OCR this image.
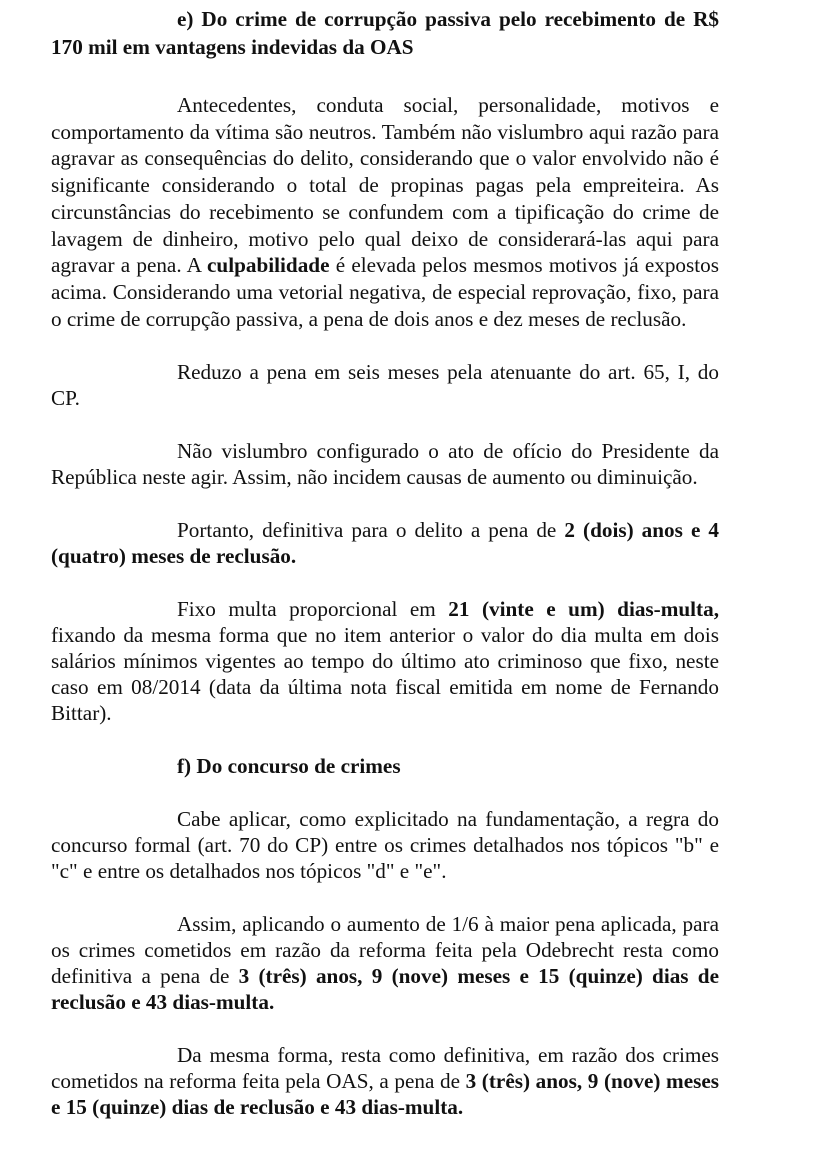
e) Do crime de corrupção passiva pelo recebimento de R$ 170 mil em vantagens indevidas da OAS

Antecedentes, conduta social, personalidade, motivos e comportamento da vítima são neutros. Também não vislumbro aqui razão para agravar as consequências do delito, considerando que o valor envolvido não é significante considerando o total de propinas pagas pela empreiteira. As circunstâncias do recebimento se confundem com a tipificação do crime de lavagem de dinheiro, motivo pelo qual deixo de considerará-las aqui para agravar a pena. A culpabilidade é elevada pelos mesmos motivos já expostos acima. Considerando uma vetorial negativa, de especial reprovação, fixo, para o crime de corrupção passiva, a pena de dois anos e dez meses de reclusão.

Reduzo a pena em seis meses pela atenuante do art. 65, I, do CP.

Não vislumbro configurado o ato de ofício do Presidente da República neste agir. Assim, não incidem causas de aumento ou diminuição.

Portanto, definitiva para o delito a pena de 2 (dois) anos e 4 (quatro) meses de reclusão.

Fixo multa proporcional em 21 (vinte e um) dias-multa, fixando da mesma forma que no item anterior o valor do dia multa em dois salários mínimos vigentes ao tempo do último ato criminoso que fixo, neste caso em 08/2014 (data da última nota fiscal emitida em nome de Fernando Bittar).

f) Do concurso de crimes

Cabe aplicar, como explicitado na fundamentação, a regra do concurso formal (art. 70 do CP) entre os crimes detalhados nos tópicos "b" e "c" e entre os detalhados nos tópicos "d" e "e".

Assim, aplicando o aumento de 1/6 à maior pena aplicada, para os crimes cometidos em razão da reforma feita pela Odebrecht resta como definitiva a pena de 3 (três) anos, 9 (nove) meses e 15 (quinze) dias de reclusão e 43 dias-multa.

Da mesma forma, resta como definitiva, em razão dos crimes cometidos na reforma feita pela OAS, a pena de 3 (três) anos, 9 (nove) meses e 15 (quinze) dias de reclusão e 43 dias-multa.
